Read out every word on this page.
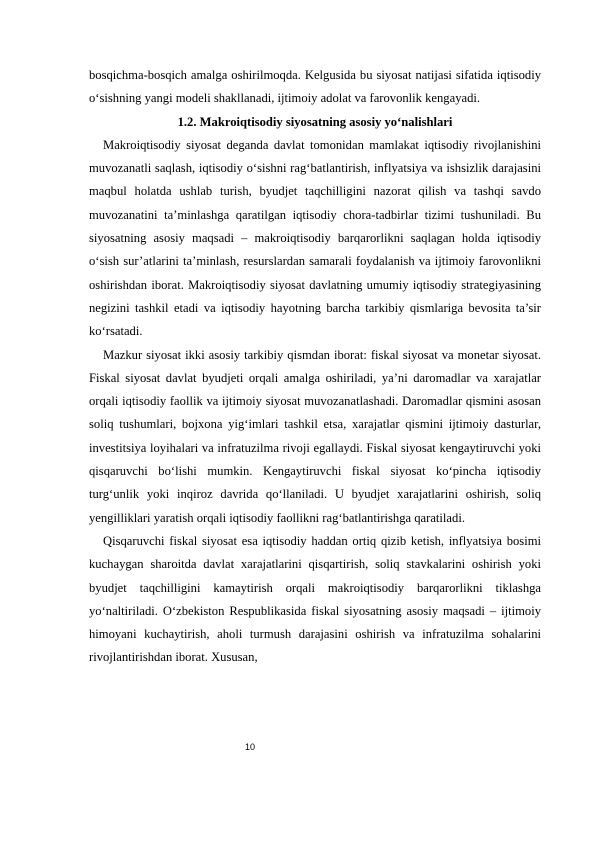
bosqichma-bosqich amalga oshirilmoqda. Kelgusida bu siyosat natijasi sifatida iqtisodiy o‘sishning yangi modeli shakllanadi, ijtimoiy adolat va farovonlik kengayadi.

1.2. Makroiqtisodiy siyosatning asosiy yo‘nalishlari

Makroiqtisodiy siyosat deganda davlat tomonidan mamlakat iqtisodiy rivojlanishini muvozanatli saqlash, iqtisodiy o‘sishni rag‘batlantirish, inflyatsiya va ishsizlik darajasini maqbul holatda ushlab turish, byudjet taqchilligini nazorat qilish va tashqi savdo muvozanatini ta’minlashga qaratilgan iqtisodiy chora-tadbirlar tizimi tushuniladi. Bu siyosatning asosiy maqsadi – makroiqtisodiy barqarorlikni saqlagan holda iqtisodiy o‘sish sur’atlarini ta’minlash, resurslardan samarali foydalanish va ijtimoiy farovonlikni oshirishdan iborat. Makroiqtisodiy siyosat davlatning umumiy iqtisodiy strategiyasining negizini tashkil etadi va iqtisodiy hayotning barcha tarkibiy qismlariga bevosita ta’sir ko‘rsatadi.

Mazkur siyosat ikki asosiy tarkibiy qismdan iborat: fiskal siyosat va monetar siyosat. Fiskal siyosat davlat byudjeti orqali amalga oshiriladi, ya’ni daromadlar va xarajatlar orqali iqtisodiy faollik va ijtimoiy siyosat muvozanatlashadi. Daromadlar qismini asosan soliq tushumlari, bojxona yig‘imlari tashkil etsa, xarajatlar qismini ijtimoiy dasturlar, investitsiya loyihalari va infratuzilma rivoji egallaydi. Fiskal siyosat kengaytiruvchi yoki qisqaruvchi bo‘lishi mumkin. Kengaytiruvchi fiskal siyosat ko‘pincha iqtisodiy turg‘unlik yoki inqiroz davrida qo‘llaniladi. U byudjet xarajatlarini oshirish, soliq yengilliklari yaratish orqali iqtisodiy faollikni rag‘batlantirishga qaratiladi.

Qisqaruvchi fiskal siyosat esa iqtisodiy haddan ortiq qizib ketish, inflyatsiya bosimi kuchaygan sharoitda davlat xarajatlarini qisqartirish, soliq stavkalarini oshirish yoki byudjet taqchilligini kamaytirish orqali makroiqtisodiy barqarorlikni tiklashga yo‘naltiriladi. O‘zbekiston Respublikasida fiskal siyosatning asosiy maqsadi – ijtimoiy himoyani kuchaytirish, aholi turmush darajasini oshirish va infratuzilma sohalarini rivojlantirishdan iborat. Xususan,

10
